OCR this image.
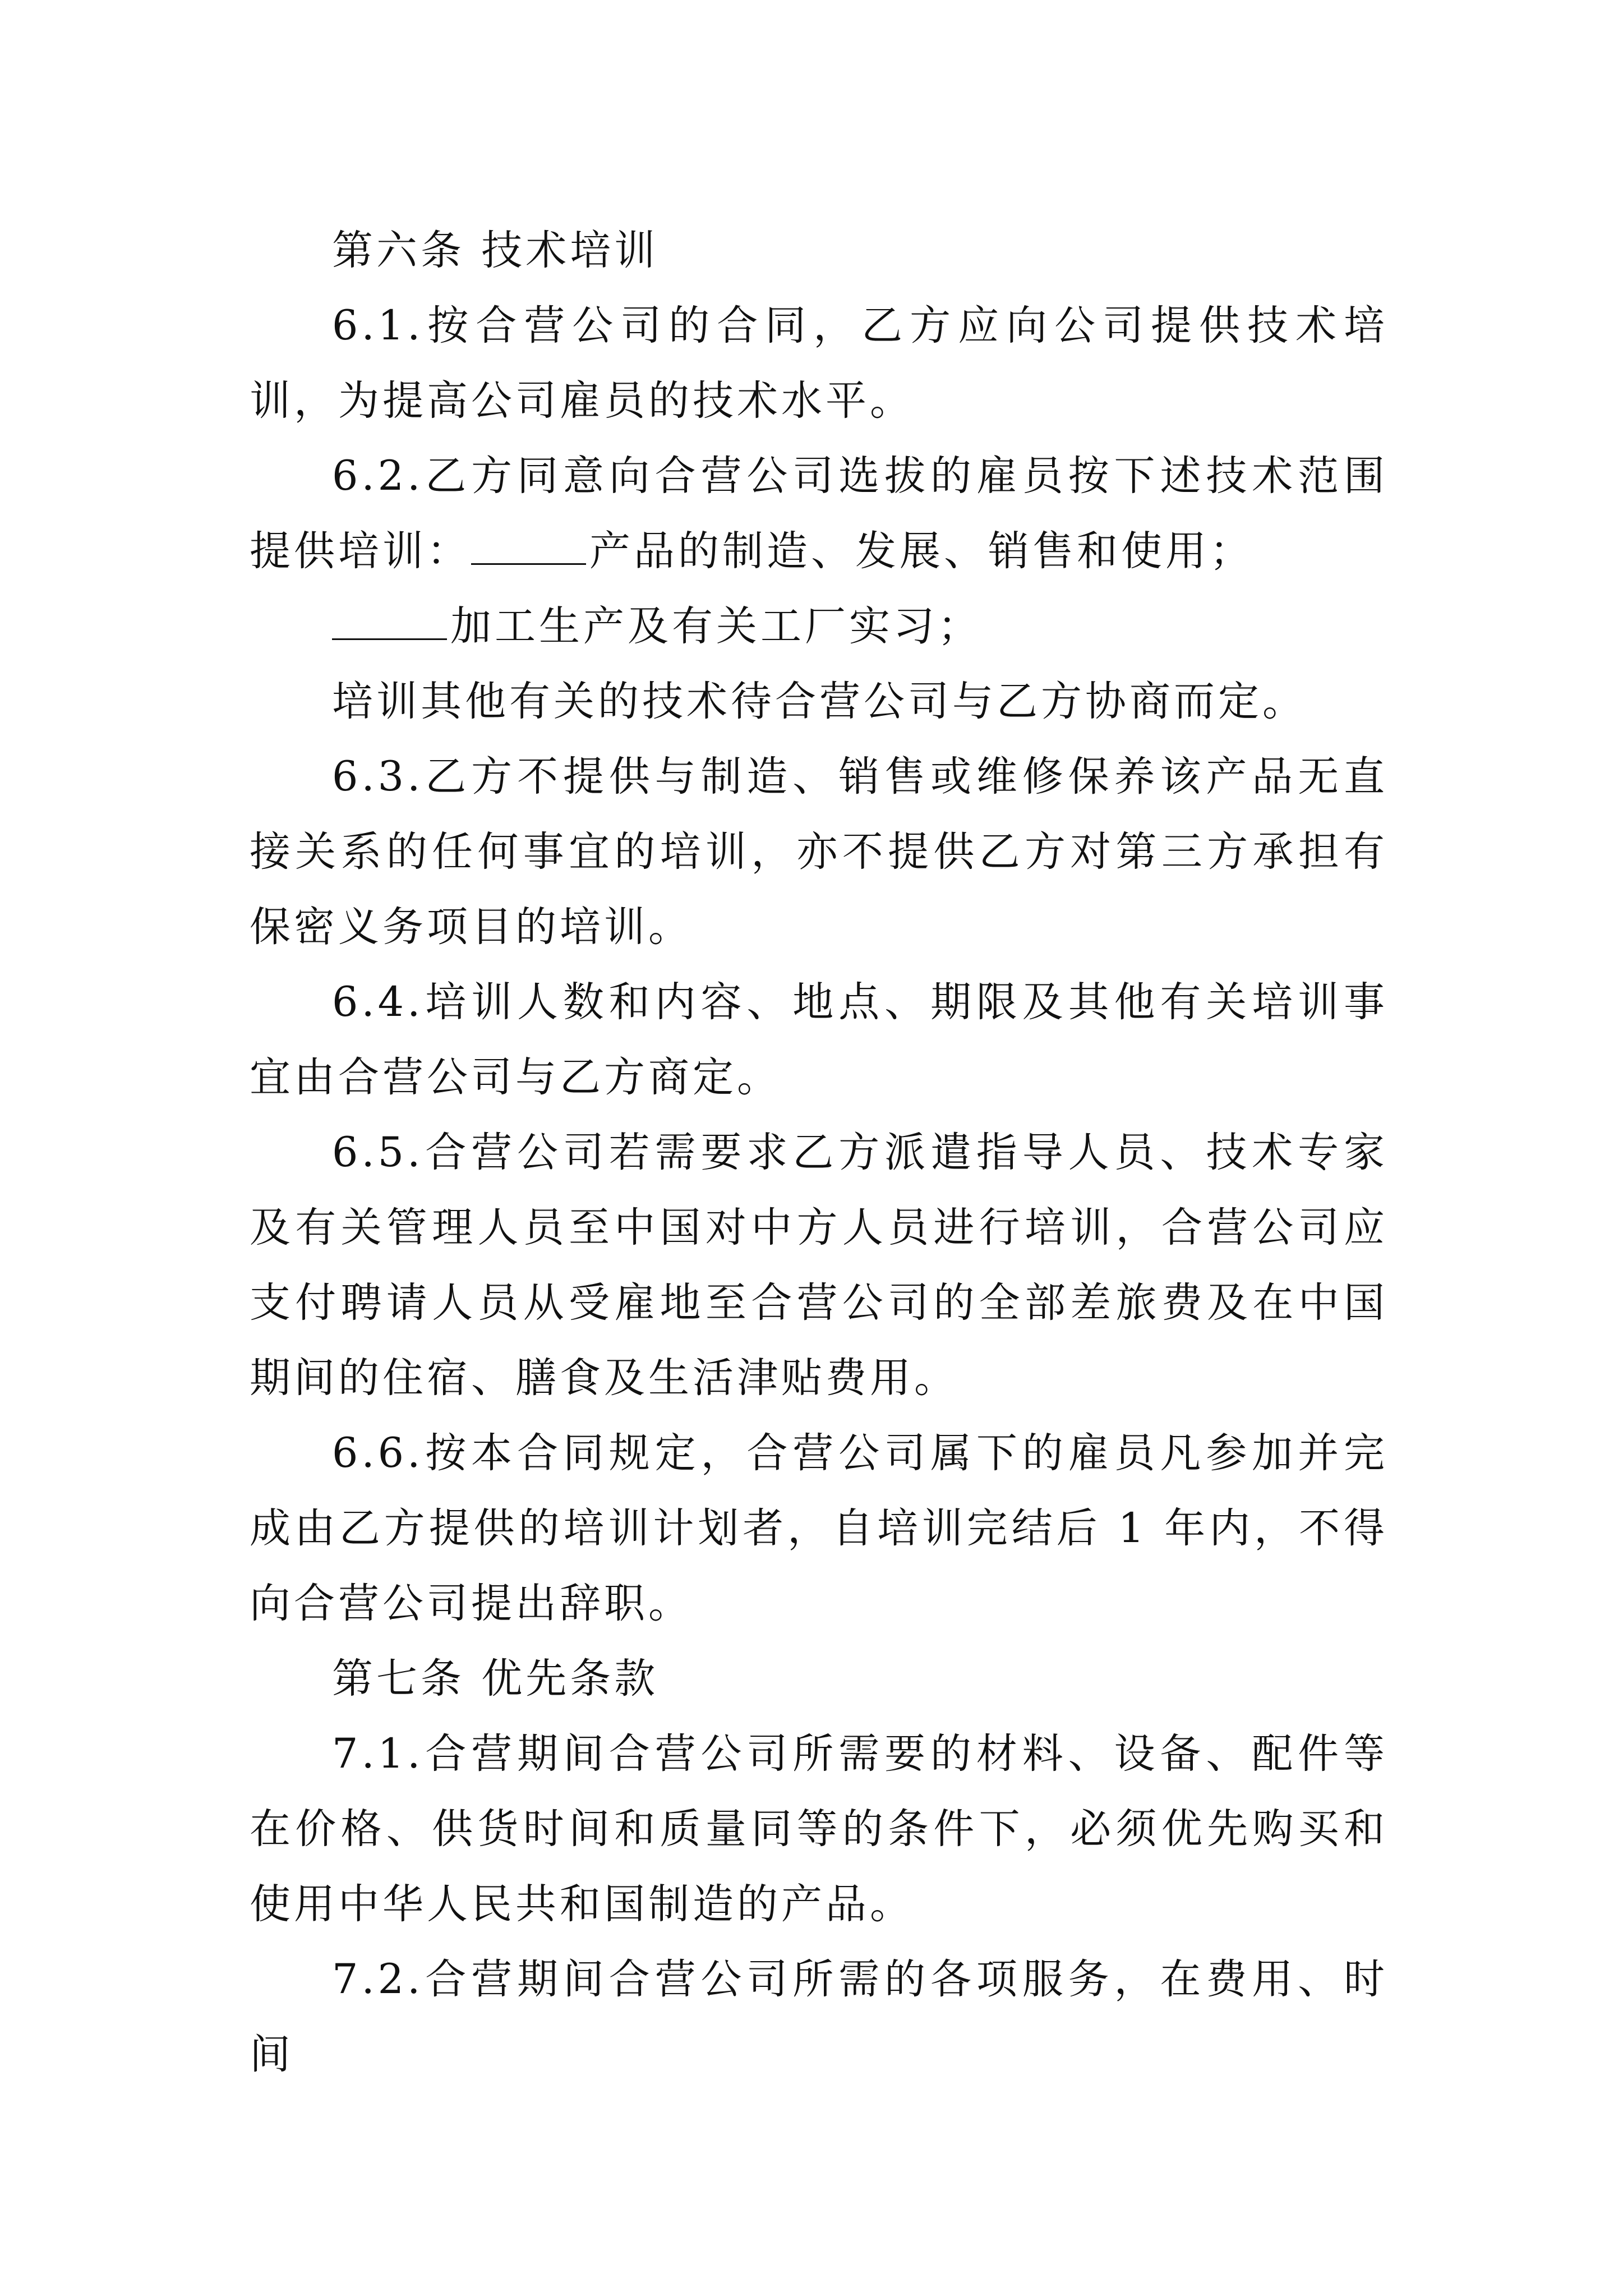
第六条 技术培训

6.1.按合营公司的合同，乙方应向公司提供技术培训，为提高公司雇员的技术水平。

6.2.乙方同意向合营公司选拔的雇员按下述技术范围提供培训：	产品的制造、发展、销售和使用；

加工生产及有关工厂实习；

培训其他有关的技术待合营公司与乙方协商而定。

6.3.乙方不提供与制造、销售或维修保养该产品无直接关系的任何事宜的培训，亦不提供乙方对第三方承担有保密义务项目的培训。

6.4.培训人数和内容、地点、期限及其他有关培训事宜由合营公司与乙方商定。

6.5.合营公司若需要求乙方派遣指导人员、技术专家及有关管理人员至中国对中方人员进行培训，合营公司应支付聘请人员从受雇地至合营公司的全部差旅费及在中国期间的住宿、膳食及生活津贴费用。

6.6.按本合同规定，合营公司属下的雇员凡参加并完成由乙方提供的培训计划者，自培训完结后 1 年内，不得向合营公司提出辞职。

第七条 优先条款

7.1.合营期间合营公司所需要的材料、设备、配件等在价格、供货时间和质量同等的条件下，必须优先购买和使用中华人民共和国制造的产品。

7.2.合营期间合营公司所需的各项服务，在费用、时间
